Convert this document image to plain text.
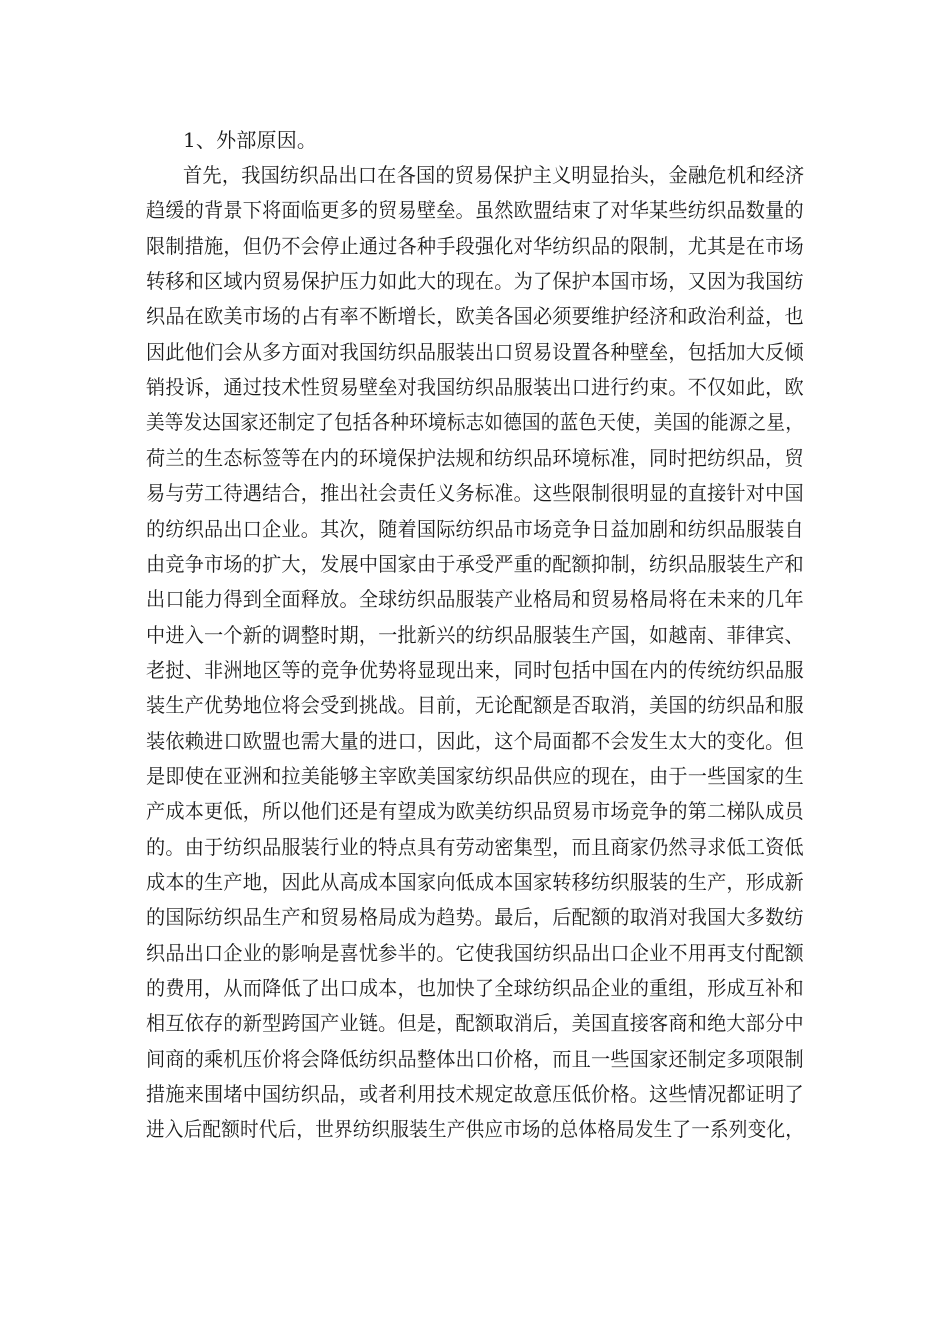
1、外部原因。
首先，我国纺织品出口在各国的贸易保护主义明显抬头，金融危机和经济
趋缓的背景下将面临更多的贸易壁垒。虽然欧盟结束了对华某些纺织品数量的
限制措施，但仍不会停止通过各种手段强化对华纺织品的限制，尤其是在市场
转移和区域内贸易保护压力如此大的现在。为了保护本国市场，又因为我国纺
织品在欧美市场的占有率不断增长，欧美各国必须要维护经济和政治利益，也
因此他们会从多方面对我国纺织品服装出口贸易设置各种壁垒，包括加大反倾
销投诉，通过技术性贸易壁垒对我国纺织品服装出口进行约束。不仅如此，欧
美等发达国家还制定了包括各种环境标志如德国的蓝色天使，美国的能源之星，
荷兰的生态标签等在内的环境保护法规和纺织品环境标准，同时把纺织品，贸
易与劳工待遇结合，推出社会责任义务标准。这些限制很明显的直接针对中国
的纺织品出口企业。其次，随着国际纺织品市场竞争日益加剧和纺织品服装自
由竞争市场的扩大，发展中国家由于承受严重的配额抑制，纺织品服装生产和
出口能力得到全面释放。全球纺织品服装产业格局和贸易格局将在未来的几年
中进入一个新的调整时期，一批新兴的纺织品服装生产国，如越南、菲律宾、
老挝、非洲地区等的竞争优势将显现出来，同时包括中国在内的传统纺织品服
装生产优势地位将会受到挑战。目前，无论配额是否取消，美国的纺织品和服
装依赖进口欧盟也需大量的进口，因此，这个局面都不会发生太大的变化。但
是即使在亚洲和拉美能够主宰欧美国家纺织品供应的现在，由于一些国家的生
产成本更低，所以他们还是有望成为欧美纺织品贸易市场竞争的第二梯队成员
的。由于纺织品服装行业的特点具有劳动密集型，而且商家仍然寻求低工资低
成本的生产地，因此从高成本国家向低成本国家转移纺织服装的生产，形成新
的国际纺织品生产和贸易格局成为趋势。最后，后配额的取消对我国大多数纺
织品出口企业的影响是喜忧参半的。它使我国纺织品出口企业不用再支付配额
的费用，从而降低了出口成本，也加快了全球纺织品企业的重组，形成互补和
相互依存的新型跨国产业链。但是，配额取消后，美国直接客商和绝大部分中
间商的乘机压价将会降低纺织品整体出口价格，而且一些国家还制定多项限制
措施来围堵中国纺织品，或者利用技术规定故意压低价格。这些情况都证明了
进入后配额时代后，世界纺织服装生产供应市场的总体格局发生了一系列变化，
